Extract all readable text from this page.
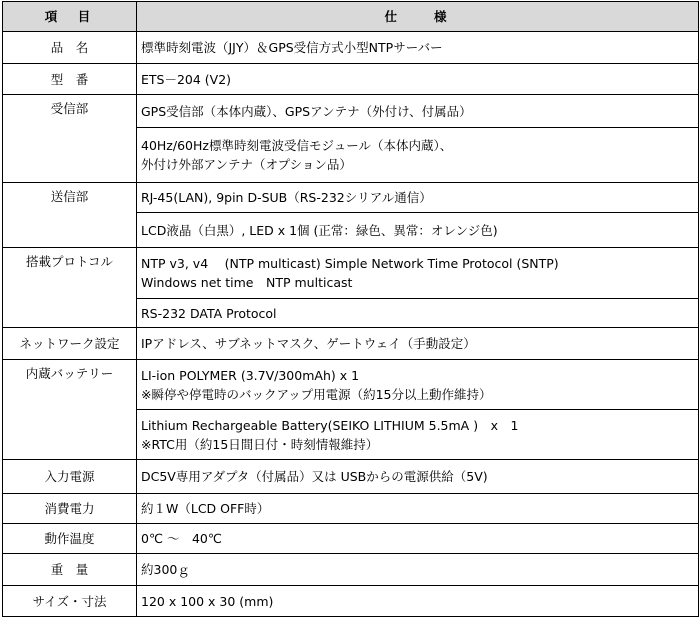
項　目	仕　　様
品　名	標準時刻電波（JJY）＆GPS受信方式小型NTPサーバー

型　番	ETS－204 (V2)

受信部	GPS受信部（本体内蔵）、GPSアンテナ（外付け、付属品）

	40Hz/60Hz標準時刻電波受信モジュール（本体内蔵）、
外付け外部アンテナ（オプション品）

送信部	RJ-45(LAN), 9pin D-SUB（RS-232シリアル通信）

	LCD液晶（白黒）, LED x 1個 (正常：緑色、異常：オレンジ色)

搭載プロトコル	NTP v3, v4　 (NTP multicast) Simple Network Time Protocol (SNTP)
Windows net time　NTP multicast

	RS-232 DATA Protocol

ネットワーク設定	IPアドレス、サブネットマスク、ゲートウェイ（手動設定）

内蔵バッテリー	LI-ion POLYMER (3.7V/300mAh) x 1
※瞬停や停電時のバックアップ用電源（約15分以上動作維持）

	Lithium Rechargeable Battery(SEIKO LITHIUM 5.5mA )　x　1
※RTC用（約15日間日付・時刻情報維持）

入力電源	DC5V専用アダプタ（付属品）又は USBからの電源供給（5V)

消費電力	約１W（LCD OFF時）

動作温度	0℃ ～　40℃

重　量	約300ｇ

サイズ・寸法	120 x 100 x 30 (mm)
